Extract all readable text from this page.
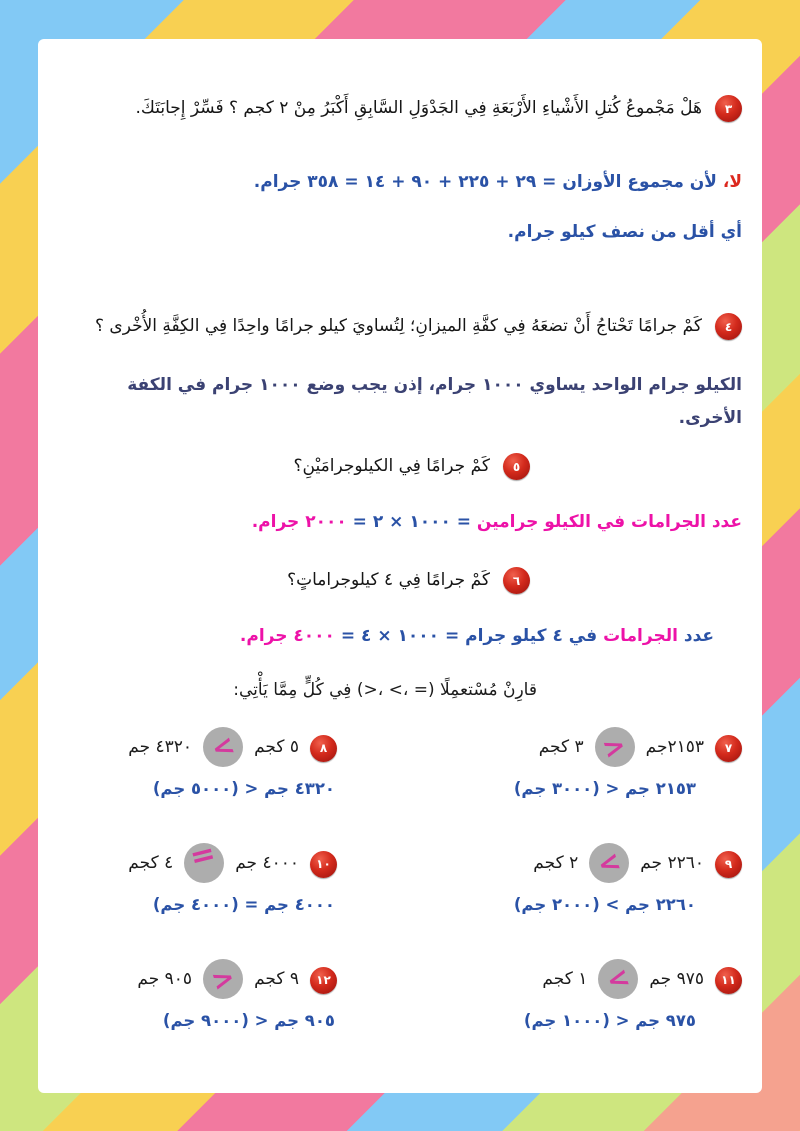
٣
هَلْ مَجْموعُ كُتلِ الأَشْياءِ الأَرْبَعَةِ فِي الجَدْوَلِ السَّابِقِ أَكْبَرُ مِنْ ٢ كجم ؟ فَسِّرْ إِجابَتَكَ.

لا، لأن مجموع الأوزان = ٢٩ + ٢٢٥ + ٩٠ + ١٤ = ٣٥٨ جرام.

أي أقل من نصف كيلو جرام.

٤
كَمْ جرامًا تَحْتاجُ أَنْ تضعَهُ فِي كفَّةِ الميزانِ؛ لِتُساويَ كيلو جرامًا واحِدًا فِي الكِفَّةِ الأُخْرى ؟

الكيلو جرام الواحد يساوي ١٠٠٠ جرام، إذن يجب وضع ١٠٠٠ جرام في الكفة الأخرى.

٥
كَمْ جرامًا فِي الكيلوجرامَيْنِ؟

عدد الجرامات في الكيلو جرامين = ١٠٠٠ × ٢ = ٢٠٠٠ جرام.

٦
كَمْ جرامًا فِي ٤ كيلوجراماتٍ؟

عدد الجرامات في ٤ كيلو جرام = ١٠٠٠ × ٤ = ٤٠٠٠ جرام.

قارِنْ مُسْتعمِلًا (>، <، =) فِي كُلٍّ مِمَّا يَأْتِي:

٧
٢١٥٣جم
>
٣ كجم
٢١٥٣ جم < (٣٠٠٠ جم)
٨
٥ كجم
<
٤٣٢٠ جم
٤٣٢٠ جم < (٥٠٠٠ جم)
٩
٢٢٦٠ جم
<
٢ كجم
٢٢٦٠ جم > (٢٠٠٠ جم)
١٠
٤٠٠٠ جم
=
٤ كجم
٤٠٠٠ جم = (٤٠٠٠ جم)
١١
٩٧٥ جم
<
١ كجم
٩٧٥ جم < (١٠٠٠ جم)
١٢
٩ كجم
>
٩٠٥ جم
٩٠٥ جم < (٩٠٠٠ جم)
